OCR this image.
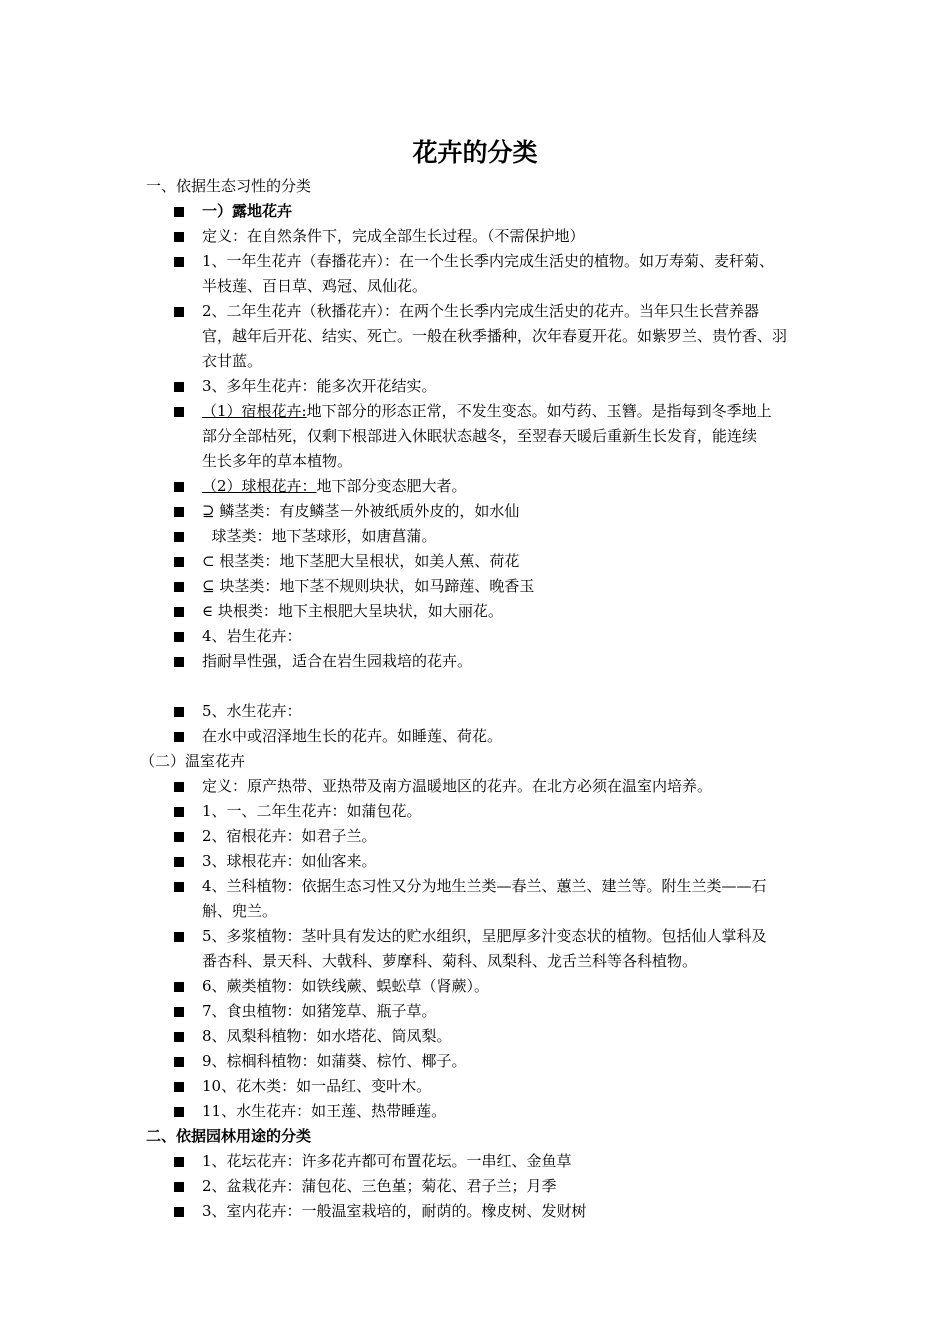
花卉的分类
一、依据生态习性的分类
一）露地花卉
定义：在自然条件下，完成全部生长过程。（不需保护地）
1、一年生花卉（春播花卉）：在一个生长季内完成生活史的植物。如万寿菊、麦秆菊、
半枝莲、百日草、鸡冠、凤仙花。
2、二年生花卉（秋播花卉）：在两个生长季内完成生活史的花卉。当年只生长营养器
官，越年后开花、结实、死亡。一般在秋季播种，次年春夏开花。如紫罗兰、贵竹香、羽
衣甘蓝。
3、多年生花卉：能多次开花结实。
（1）宿根花卉:地下部分的形态正常，不发生变态。如芍药、玉簪。是指每到冬季地上
部分全部枯死，仅剩下根部进入休眠状态越冬，至翌春天暖后重新生长发育，能连续
生长多年的草本植物。
（2）球根花卉：地下部分变态肥大者。
⊇ 鳞茎类：有皮鳞茎－外被纸质外皮的，如水仙
球茎类：地下茎球形，如唐菖蒲。
⊂ 根茎类：地下茎肥大呈根状，如美人蕉、荷花
⊆ 块茎类：地下茎不规则块状，如马蹄莲、晚香玉
∈ 块根类：地下主根肥大呈块状，如大丽花。
4、岩生花卉：
指耐旱性强，适合在岩生园栽培的花卉。
5、水生花卉：
在水中或沼泽地生长的花卉。如睡莲、荷花。
（二）温室花卉
定义：原产热带、亚热带及南方温暖地区的花卉。在北方必须在温室内培养。
1、一、二年生花卉：如蒲包花。
2、宿根花卉：如君子兰。
3、球根花卉：如仙客来。
4、兰科植物：依据生态习性又分为地生兰类—春兰、蕙兰、建兰等。附生兰类——石
斛、兜兰。
5、多浆植物：茎叶具有发达的贮水组织，呈肥厚多汁变态状的植物。包括仙人掌科及
番杏科、景天科、大戟科、萝摩科、菊科、凤梨科、龙舌兰科等各科植物。
6、蕨类植物：如铁线蕨、蜈蚣草（肾蕨）。
7、食虫植物：如猪笼草、瓶子草。
8、凤梨科植物：如水塔花、筒凤梨。
9、棕榈科植物：如蒲葵、棕竹、椰子。
10、花木类：如一品红、变叶木。
11、水生花卉：如王莲、热带睡莲。
二、依据园林用途的分类
1、花坛花卉：许多花卉都可布置花坛。一串红、金鱼草
2、盆栽花卉：蒲包花、三色堇；菊花、君子兰；月季
3、室内花卉：一般温室栽培的，耐荫的。橡皮树、发财树
